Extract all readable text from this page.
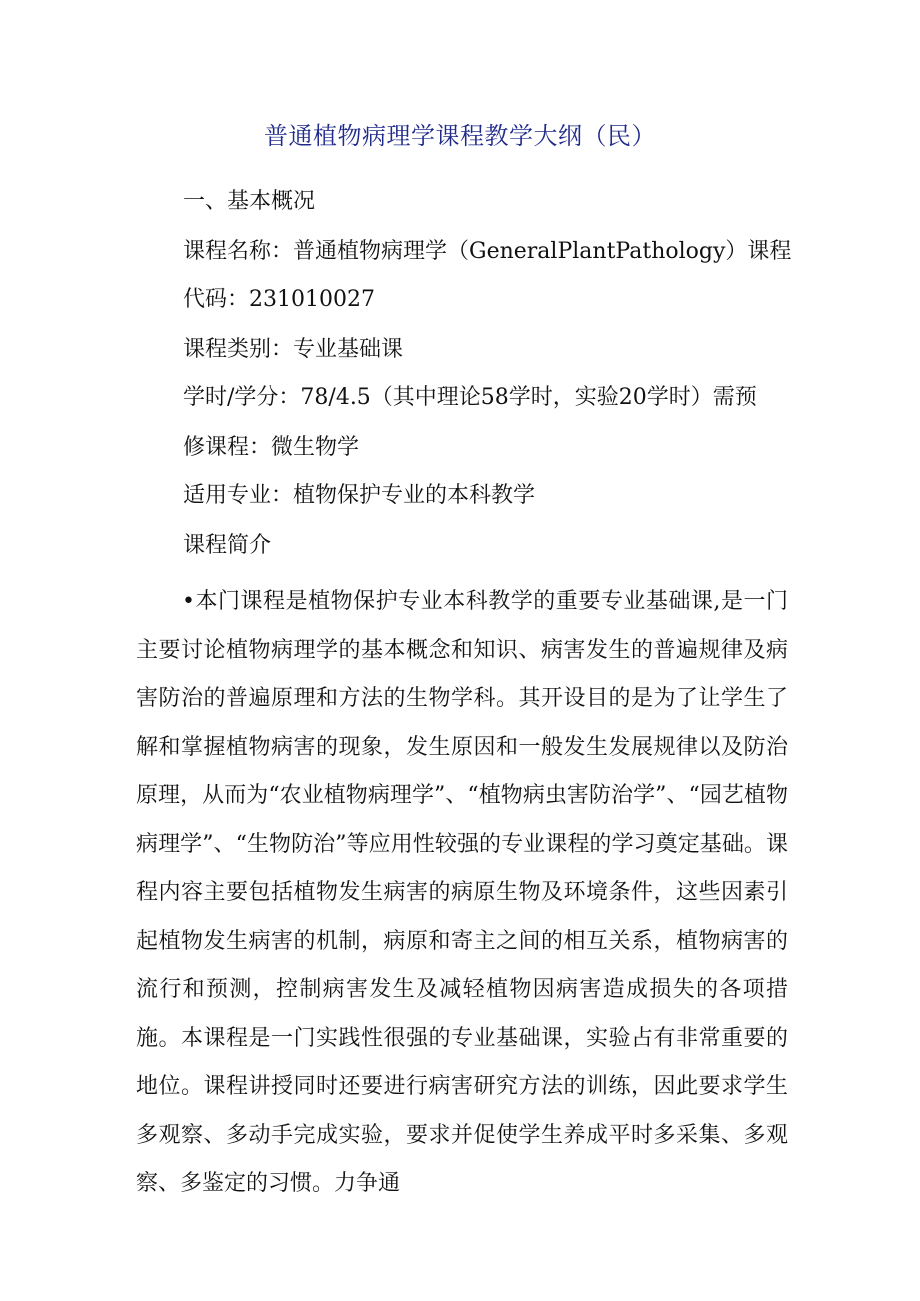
普通植物病理学课程教学大纲（民）

一、基本概况

课程名称：普通植物病理学（GeneralPlantPathology）课程

代码：231010027

课程类别：专业基础课

学时/学分：78/4.5（其中理论58学时，实验20学时）需预

修课程：微生物学

适用专业：植物保护专业的本科教学

课程简介

•本门课程是植物保护专业本科教学的重要专业基础课,是一门主要讨论植物病理学的基本概念和知识、病害发生的普遍规律及病害防治的普遍原理和方法的生物学科。其开设目的是为了让学生了解和掌握植物病害的现象，发生原因和一般发生发展规律以及防治原理，从而为“农业植物病理学”、“植物病虫害防治学”、“园艺植物病理学”、“生物防治”等应用性较强的专业课程的学习奠定基础。课程内容主要包括植物发生病害的病原生物及环境条件，这些因素引起植物发生病害的机制，病原和寄主之间的相互关系，植物病害的流行和预测，控制病害发生及减轻植物因病害造成损失的各项措施。本课程是一门实践性很强的专业基础课，实验占有非常重要的地位。课程讲授同时还要进行病害研究方法的训练，因此要求学生多观察、多动手完成实验，要求并促使学生养成平时多采集、多观察、多鉴定的习惯。力争通
